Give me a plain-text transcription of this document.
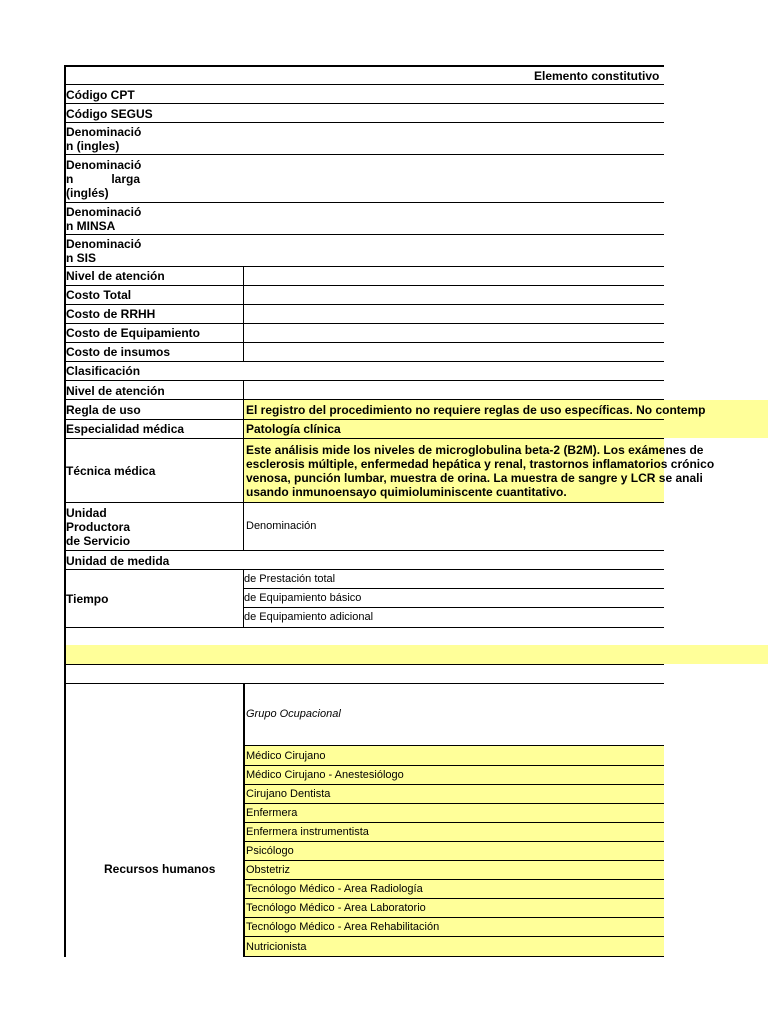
Elemento constitutivo
Código CPT
Código SEGUS
Denominació
n (ingles)
Denominació
n	larga
(inglés)
Denominació
n MINSA
Denominació
n SIS
Nivel de atención
Costo Total
Costo de RRHH
Costo de Equipamiento
Costo de insumos
Clasificación
Nivel de atención
Regla de uso
Especialidad médica
Técnica médica
Unidad
Productora
de Servicio
Unidad de medida
Tiempo
Recursos humanos
El registro del procedimiento no requiere reglas de uso específicas. No contemp
Patología clínica
Este análisis mide los niveles de microglobulina beta-2 (B2M). Los exámenes de
esclerosis múltiple, enfermedad hepática y renal, trastornos inflamatorios crónico
venosa, punción lumbar, muestra de orina. La muestra de sangre y LCR se anali
usando inmunoensayo quimioluminiscente cuantitativo.
Denominación
de Prestación total
de Equipamiento básico
de Equipamiento adicional
Grupo Ocupacional
Médico Cirujano
Médico Cirujano - Anestesiólogo
Cirujano Dentista
Enfermera
Enfermera instrumentista
Psicólogo
Obstetriz
Tecnólogo Médico - Area Radiología
Tecnólogo Médico - Area Laboratorio
Tecnólogo Médico - Area Rehabilitación
Nutricionista
